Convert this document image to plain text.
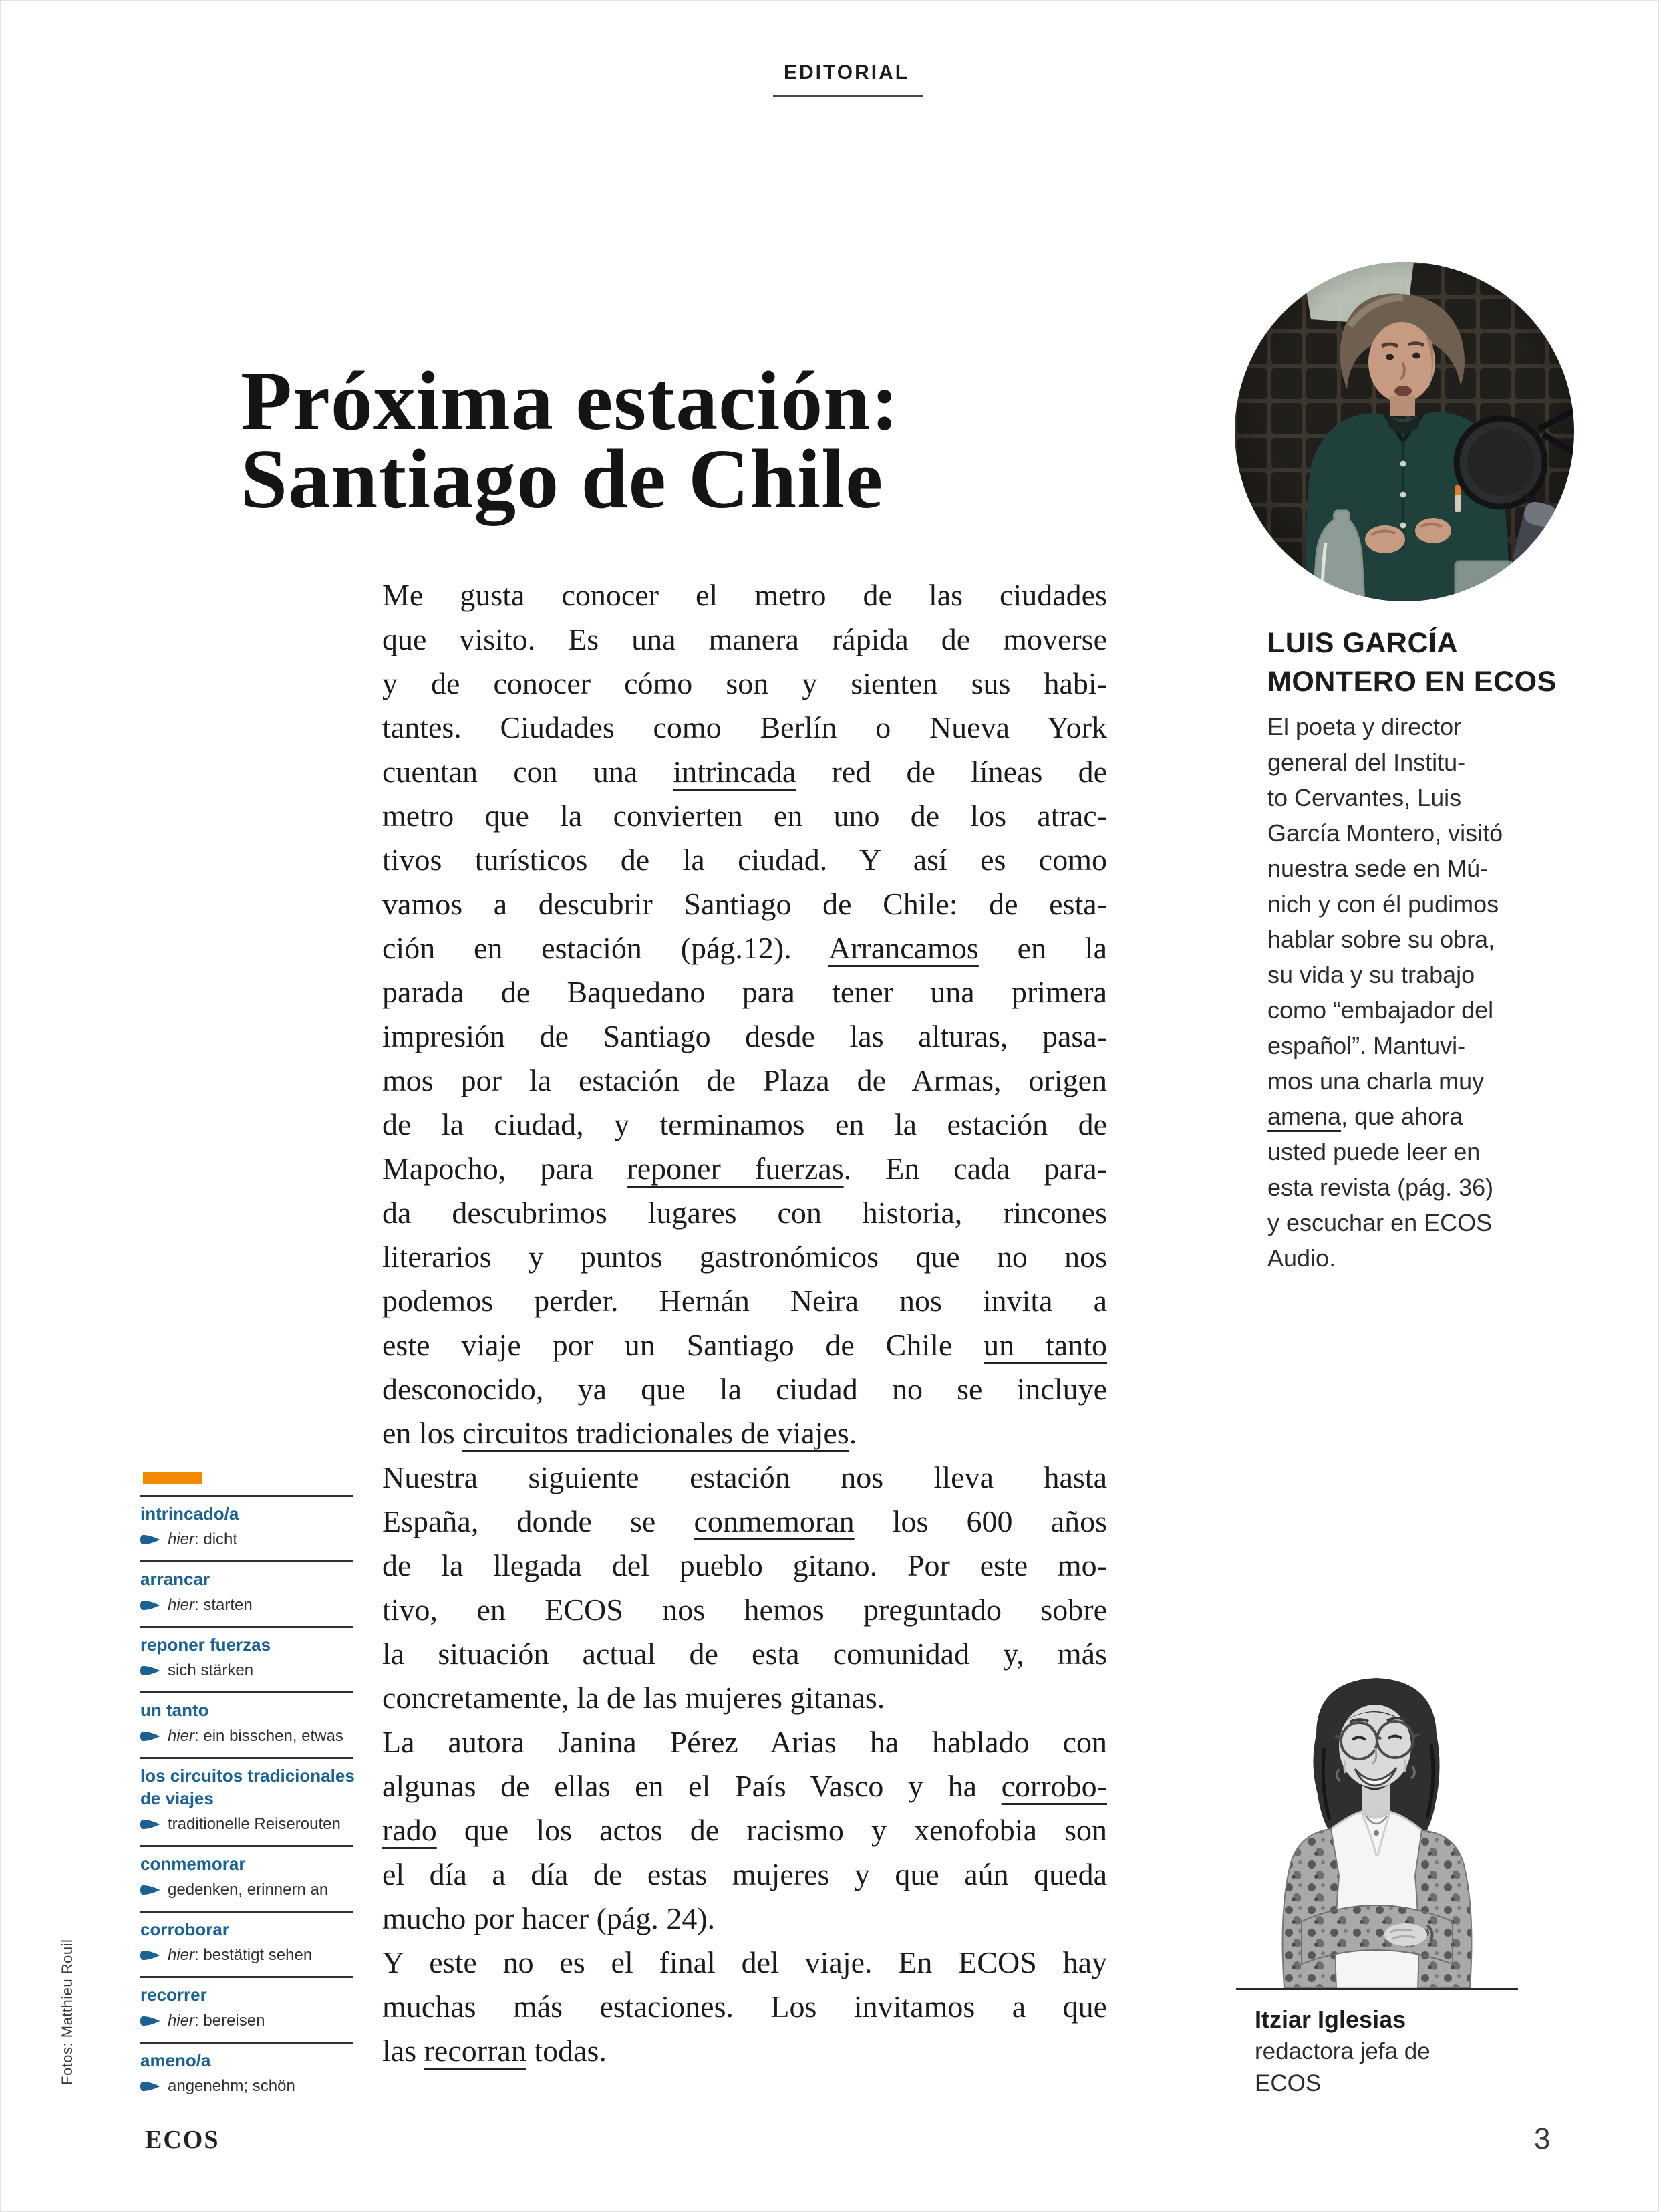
EDITORIAL
Próxima estación:
Santiago de Chile
Me gusta conocer el metro de las ciudades
que visito. Es una manera rápida de moverse
y de conocer cómo son y sienten sus habi-
tantes. Ciudades como Berlín o Nueva York
cuentan con una intrincada red de líneas de
metro que la convierten en uno de los atrac-
tivos turísticos de la ciudad. Y así es como
vamos a descubrir Santiago de Chile: de esta-
ción en estación (pág.12). Arrancamos en la
parada de Baquedano para tener una primera
impresión de Santiago desde las alturas, pasa-
mos por la estación de Plaza de Armas, origen
de la ciudad, y terminamos en la estación de
Mapocho, para reponer fuerzas. En cada para-
da descubrimos lugares con historia, rincones
literarios y puntos gastronómicos que no nos
podemos perder. Hernán Neira nos invita a
este viaje por un Santiago de Chile un tanto
desconocido, ya que la ciudad no se incluye
en los circuitos tradicionales de viajes.
Nuestra siguiente estación nos lleva hasta
España, donde se conmemoran los 600 años
de la llegada del pueblo gitano. Por este mo-
tivo, en ECOS nos hemos preguntado sobre
la situación actual de esta comunidad y, más
concretamente, la de las mujeres gitanas.
La autora Janina Pérez Arias ha hablado con
algunas de ellas en el País Vasco y ha corrobo-
rado que los actos de racismo y xenofobia son
el día a día de estas mujeres y que aún queda
mucho por hacer (pág. 24).
Y este no es el final del viaje. En ECOS hay
muchas más estaciones. Los invitamos a que
las recorran todas.
LUIS GARCÍA
MONTERO EN ECOS
El poeta y director
general del Institu-
to Cervantes, Luis
García Montero, visitó
nuestra sede en Mú-
nich y con él pudimos
hablar sobre su obra,
su vida y su trabajo
como “embajador del
español”. Mantuvi-
mos una charla muy
amena, que ahora
usted puede leer en
esta revista (pág. 36)
y escuchar en ECOS
Audio.
Itziar Iglesias
redactora jefa de
ECOS
intrincado/a
hier: dicht
arrancar
hier: starten
reponer fuerzas
sich stärken
un tanto
hier: ein bisschen, etwas
los circuitos tradicionales
de viajes
traditionelle Reiserouten
conmemorar
gedenken, erinnern an
corroborar
hier: bestätigt sehen
recorrer
hier: bereisen
ameno/a
angenehm; schön
Fotos: Matthieu Rouil
ECOS	3
